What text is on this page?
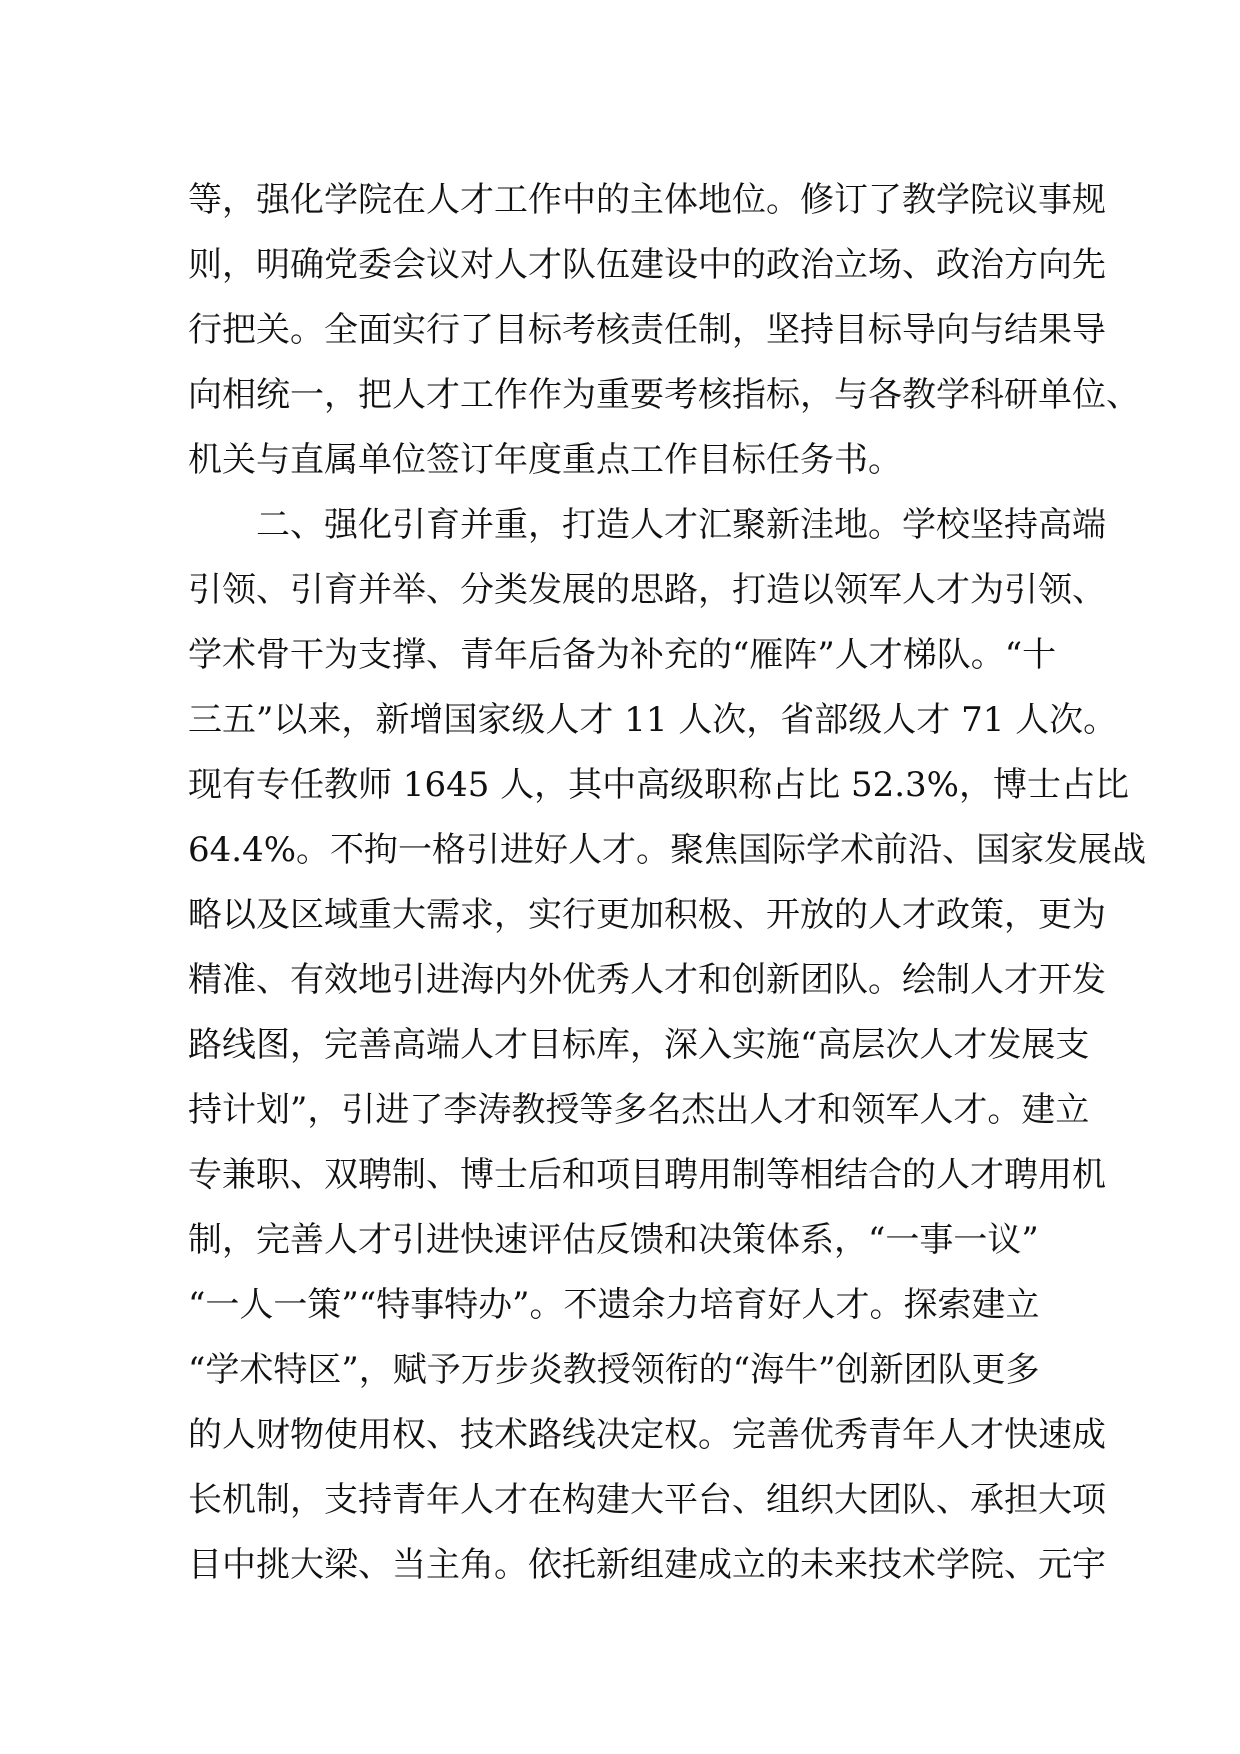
等，强化学院在人才工作中的主体地位。修订了教学院议事规
则，明确党委会议对人才队伍建设中的政治立场、政治方向先
行把关。全面实行了目标考核责任制，坚持目标导向与结果导
向相统一，把人才工作作为重要考核指标，与各教学科研单位、
机关与直属单位签订年度重点工作目标任务书。
　　二、强化引育并重，打造人才汇聚新洼地。学校坚持高端
引领、引育并举、分类发展的思路，打造以领军人才为引领、
学术骨干为支撑、青年后备为补充的“雁阵”人才梯队。“十
三五”以来，新增国家级人才 11 人次，省部级人才 71 人次。
现有专任教师 1645 人，其中高级职称占比 52.3%，博士占比
64.4%。不拘一格引进好人才。聚焦国际学术前沿、国家发展战
略以及区域重大需求，实行更加积极、开放的人才政策，更为
精准、有效地引进海内外优秀人才和创新团队。绘制人才开发
路线图，完善高端人才目标库，深入实施“高层次人才发展支
持计划”，引进了李涛教授等多名杰出人才和领军人才。建立
专兼职、双聘制、博士后和项目聘用制等相结合的人才聘用机
制，完善人才引进快速评估反馈和决策体系，“一事一议”
“一人一策”“特事特办”。不遗余力培育好人才。探索建立
“学术特区”，赋予万步炎教授领衔的“海牛”创新团队更多
的人财物使用权、技术路线决定权。完善优秀青年人才快速成
长机制，支持青年人才在构建大平台、组织大团队、承担大项
目中挑大梁、当主角。依托新组建成立的未来技术学院、元宇
